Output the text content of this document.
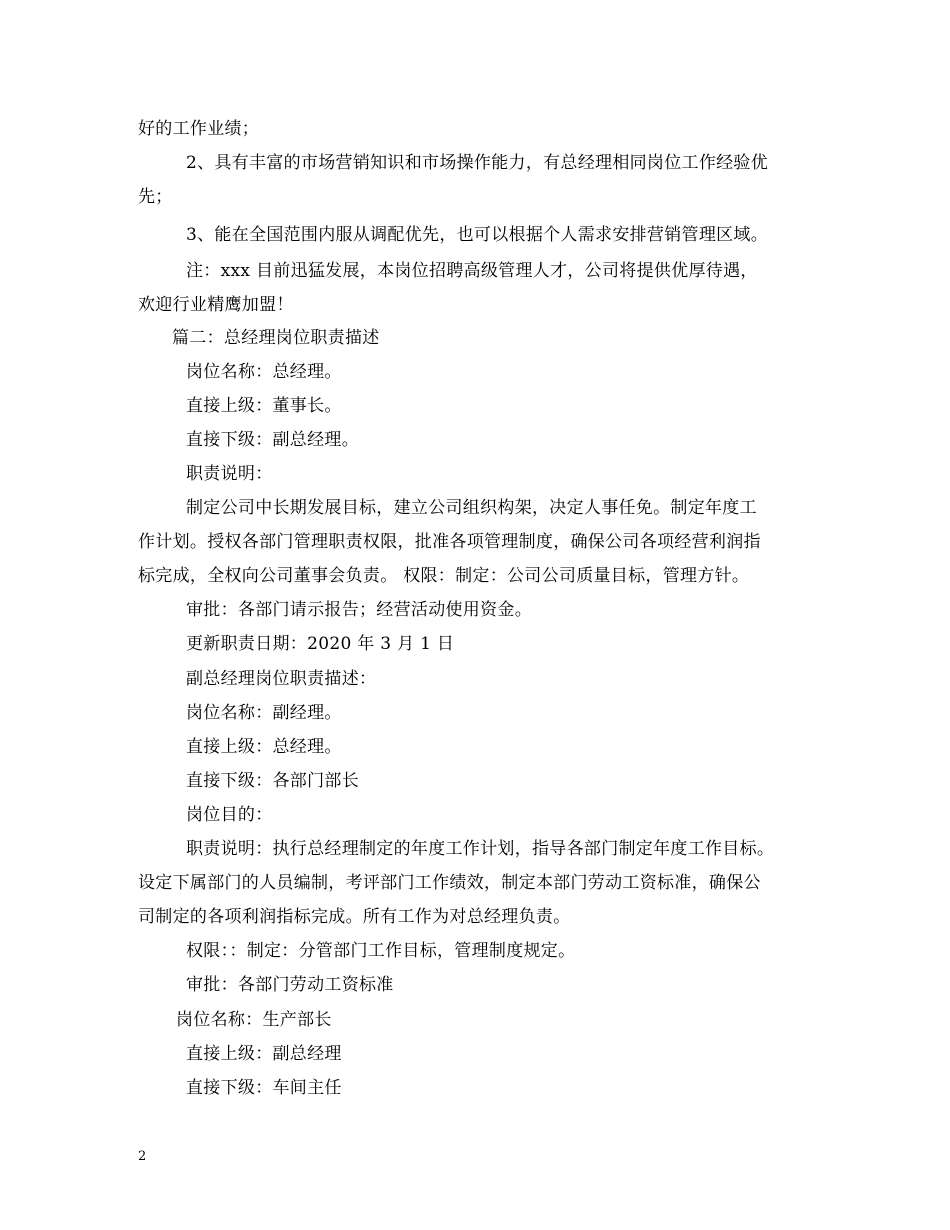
好的工作业绩；
2、具有丰富的市场营销知识和市场操作能力，有总经理相同岗位工作经验优
先；
3、能在全国范围内服从调配优先，也可以根据个人需求安排营销管理区域。
注：xxx 目前迅猛发展，本岗位招聘高级管理人才，公司将提供优厚待遇，
欢迎行业精鹰加盟！
篇二：总经理岗位职责描述
岗位名称：总经理。
直接上级：董事长。
直接下级：副总经理。
职责说明：
制定公司中长期发展目标，建立公司组织构架，决定人事任免。制定年度工
作计划。授权各部门管理职责权限，批准各项管理制度，确保公司各项经营利润指
标完成，全权向公司董事会负责。 权限：制定：公司公司质量目标，管理方针。
审批：各部门请示报告；经营活动使用资金。
更新职责日期：2020 年 3 月 1 日
副总经理岗位职责描述：
岗位名称：副经理。
直接上级：总经理。
直接下级：各部门部长
岗位目的：
职责说明：执行总经理制定的年度工作计划，指导各部门制定年度工作目标。
设定下属部门的人员编制，考评部门工作绩效，制定本部门劳动工资标准，确保公
司制定的各项利润指标完成。所有工作为对总经理负责。
权限：：制定：分管部门工作目标，管理制度规定。
审批：各部门劳动工资标准
岗位名称：生产部长
直接上级：副总经理
直接下级：车间主任
2
